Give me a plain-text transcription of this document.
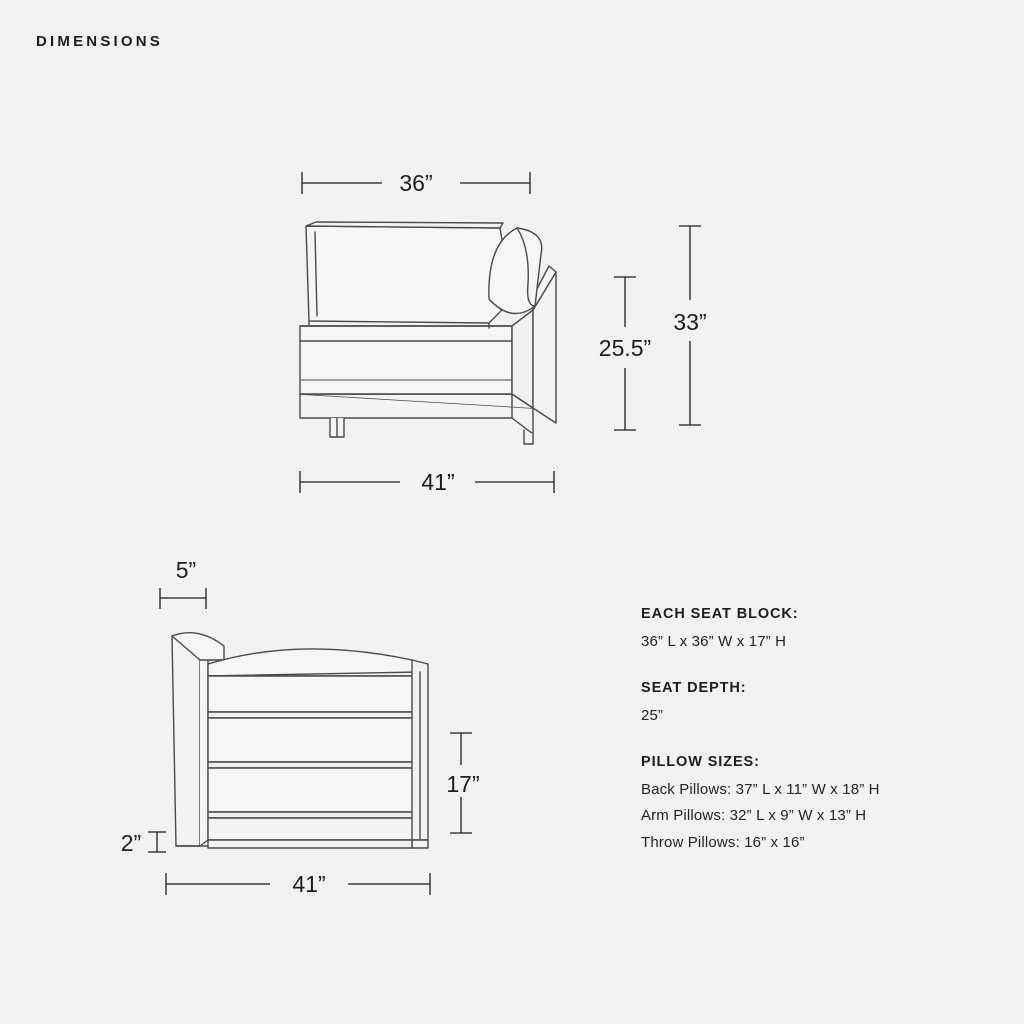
DIMENSIONS
36”
41”
25.5”
33”
5”
2”
17”
41”
EACH SEAT BLOCK:
36” L x 36” W x 17” H
SEAT DEPTH:
25”
PILLOW SIZES:
Back Pillows: 37” L x 11” W x 18” H
Arm Pillows: 32” L x 9” W x 13” H
Throw Pillows: 16” x 16”
